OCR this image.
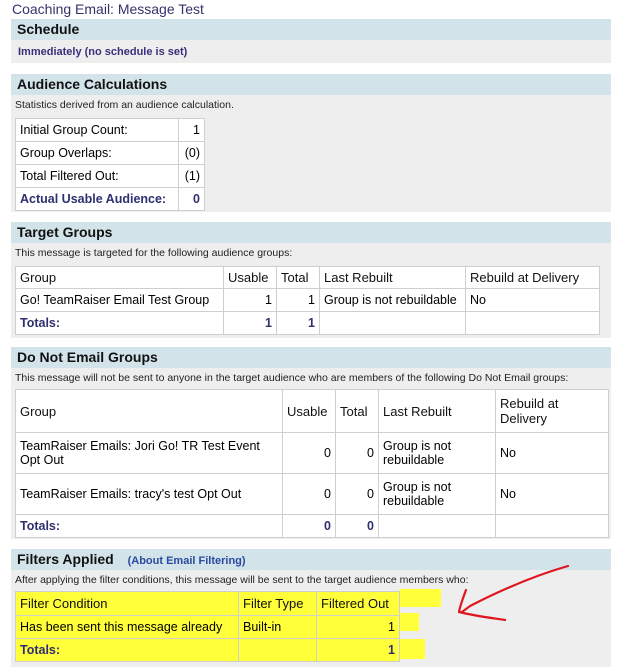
Coaching Email: Message Test
Schedule
Immediately (no schedule is set)
Audience Calculations
Statistics derived from an audience calculation.
Initial Group Count:	1
Group Overlaps:	(0)
Total Filtered Out:	(1)
Actual Usable Audience:	0
Target Groups
This message is targeted for the following audience groups:
Group	Usable	Total	Last Rebuilt	Rebuild at Delivery
Go! TeamRaiser Email Test Group	1	1	Group is not rebuildable	No
Totals:	1	1		
Do Not Email Groups
This message will not be sent to anyone in the target audience who are members of the following Do Not Email groups:
Group	Usable	Total	Last Rebuilt	Rebuild at Delivery
TeamRaiser Emails: Jori Go! TR Test Event Opt Out	0	0	Group is not rebuildable	No
TeamRaiser Emails: tracy's test Opt Out	0	0	Group is not rebuildable	No
Totals:	0	0		
Filters Applied (About Email Filtering)
After applying the filter conditions, this message will be sent to the target audience members who:
Filter Condition	Filter Type	Filtered Out
Has been sent this message already	Built-in	1
Totals:		1
